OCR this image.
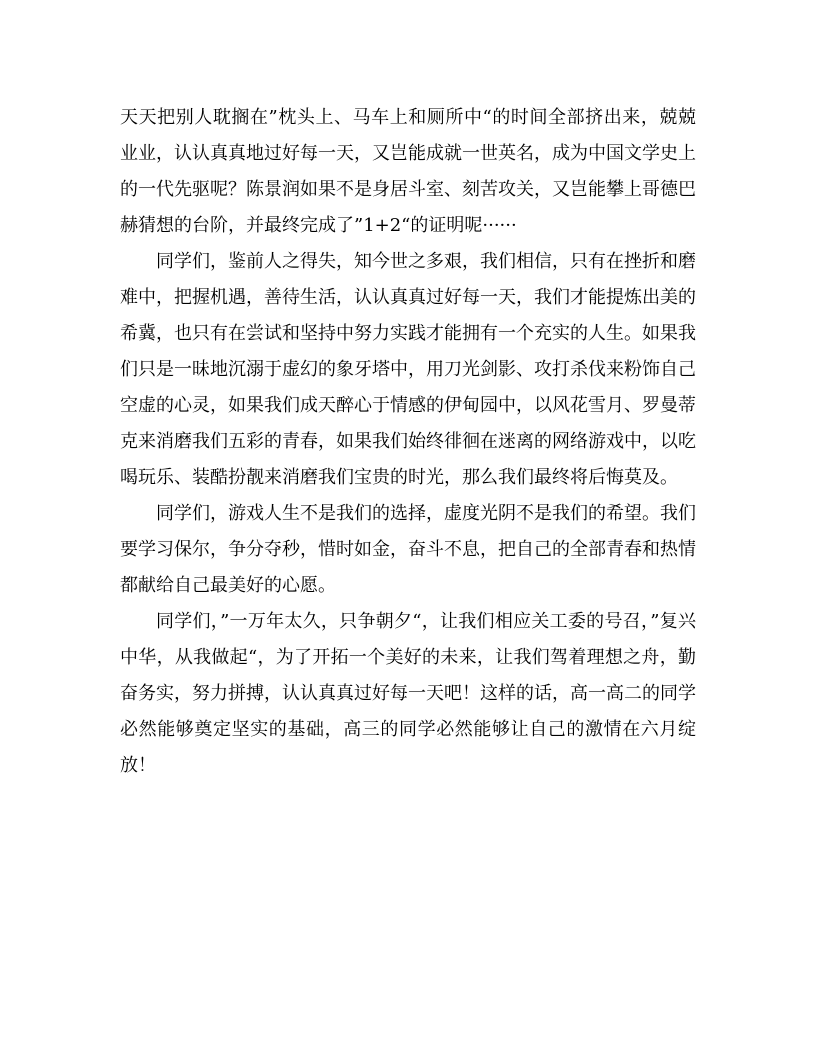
天天把别人耽搁在”枕头上、马车上和厕所中“的时间全部挤出来，兢兢业业，认认真真地过好每一天，又岂能成就一世英名，成为中国文学史上的一代先驱呢？陈景润如果不是身居斗室、刻苦攻关，又岂能攀上哥德巴赫猜想的台阶，并最终完成了”1+2“的证明呢······

同学们，鉴前人之得失，知今世之多艰，我们相信，只有在挫折和磨难中，把握机遇，善待生活，认认真真过好每一天，我们才能提炼出美的希冀，也只有在尝试和坚持中努力实践才能拥有一个充实的人生。如果我们只是一昧地沉溺于虚幻的象牙塔中，用刀光剑影、攻打杀伐来粉饰自己空虚的心灵，如果我们成天醉心于情感的伊甸园中，以风花雪月、罗曼蒂克来消磨我们五彩的青春，如果我们始终徘徊在迷离的网络游戏中，以吃喝玩乐、装酷扮靓来消磨我们宝贵的时光，那么我们最终将后悔莫及。

同学们，游戏人生不是我们的选择，虚度光阴不是我们的希望。我们要学习保尔，争分夺秒，惜时如金，奋斗不息，把自己的全部青春和热情都献给自己最美好的心愿。

同学们，”一万年太久，只争朝夕“，让我们相应关工委的号召，”复兴中华，从我做起“，为了开拓一个美好的未来，让我们驾着理想之舟，勤奋务实，努力拼搏，认认真真过好每一天吧！这样的话，高一高二的同学必然能够奠定坚实的基础，高三的同学必然能够让自己的激情在六月绽放！
